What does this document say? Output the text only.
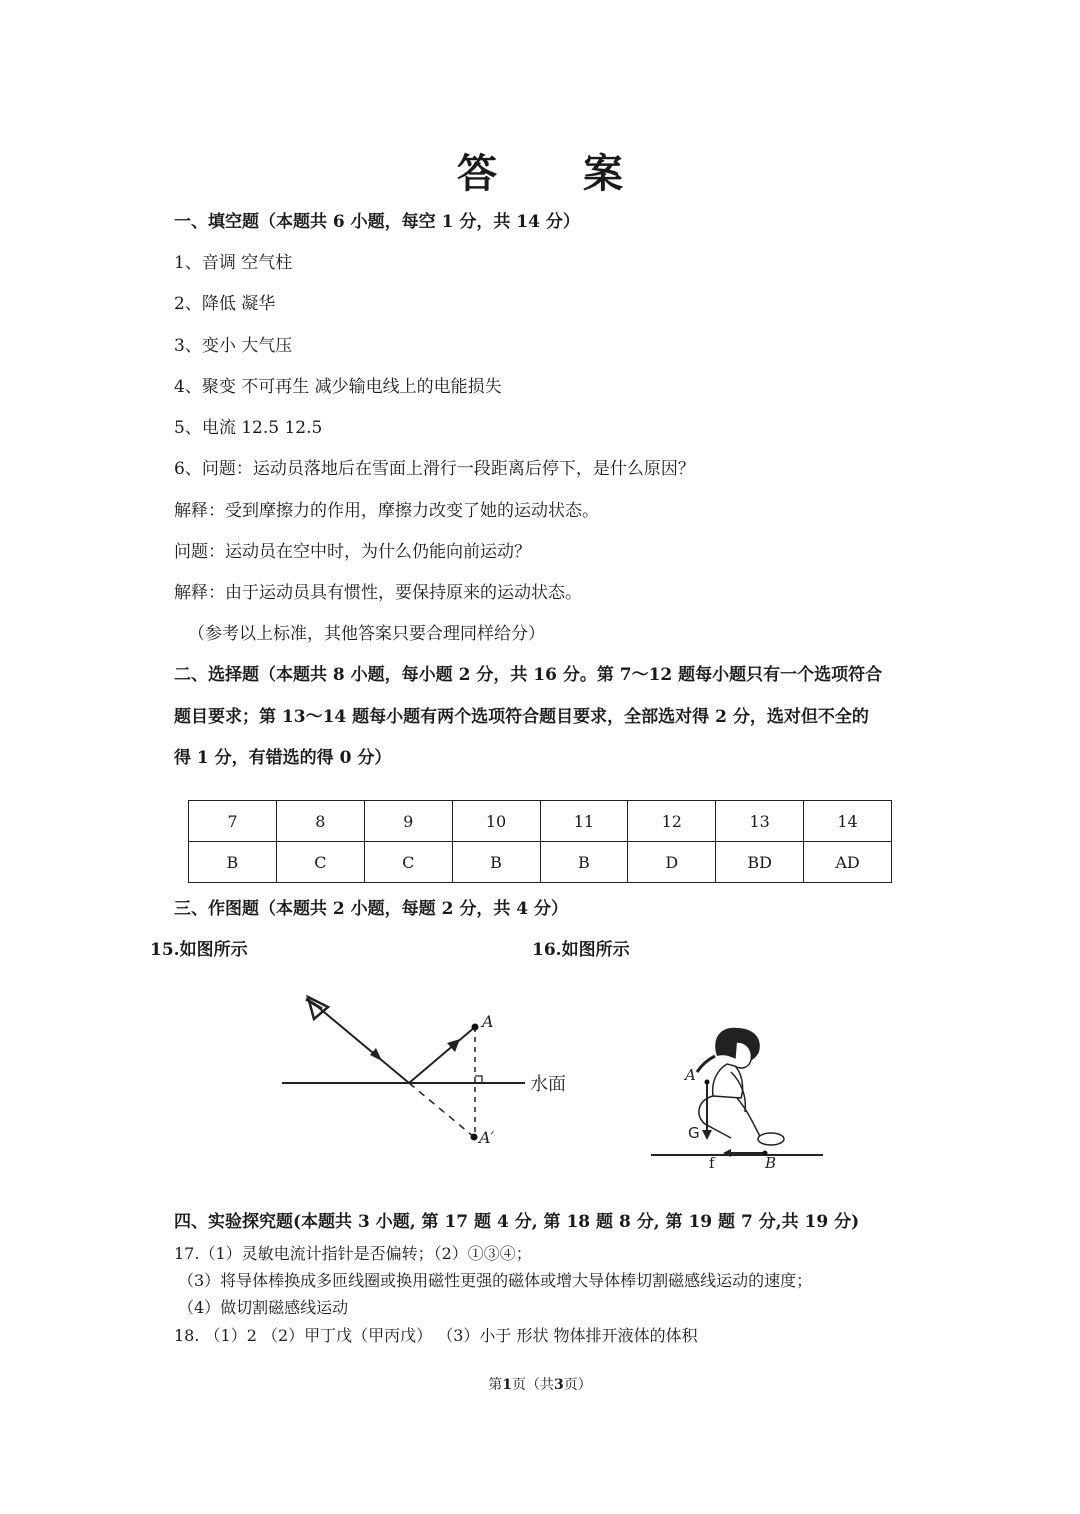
答 案
一、填空题（本题共 6 小题，每空 1 分，共 14 分）
1、音调 空气柱
2、降低 凝华
3、变小 大气压
4、聚变 不可再生 减少输电线上的电能损失
5、电流 12.5 12.5
6、问题：运动员落地后在雪面上滑行一段距离后停下，是什么原因？
解释：受到摩擦力的作用，摩擦力改变了她的运动状态。
问题：运动员在空中时，为什么仍能向前运动？
解释：由于运动员具有惯性，要保持原来的运动状态。
（参考以上标准，其他答案只要合理同样给分）
二、选择题（本题共 8 小题，每小题 2 分，共 16 分。第 7～12 题每小题只有一个选项符合
题目要求；第 13～14 题每小题有两个选项符合题目要求，全部选对得 2 分，选对但不全的
得 1 分，有错选的得 0 分）
7	8	9	10	11	12	13	14
B	C	C	B	B	D	BD	AD
三、作图题（本题共 2 小题，每题 2 分，共 4 分）
15.如图所示	16.如图所示
A
A′
水面	A
G
f	B
四、实验探究题(本题共 3 小题, 第 17 题 4 分, 第 18 题 8 分, 第 19 题 7 分,共 19 分)
17.（1）灵敏电流计指针是否偏转；（2）①③④；
（3）将导体棒换成多匝线圈或换用磁性更强的磁体或增大导体棒切割磁感线运动的速度；
（4）做切割磁感线运动
18. （1）2 （2）甲丁戊（甲丙戊） （3）小于 形状 物体排开液体的体积
第1页（共3页）
